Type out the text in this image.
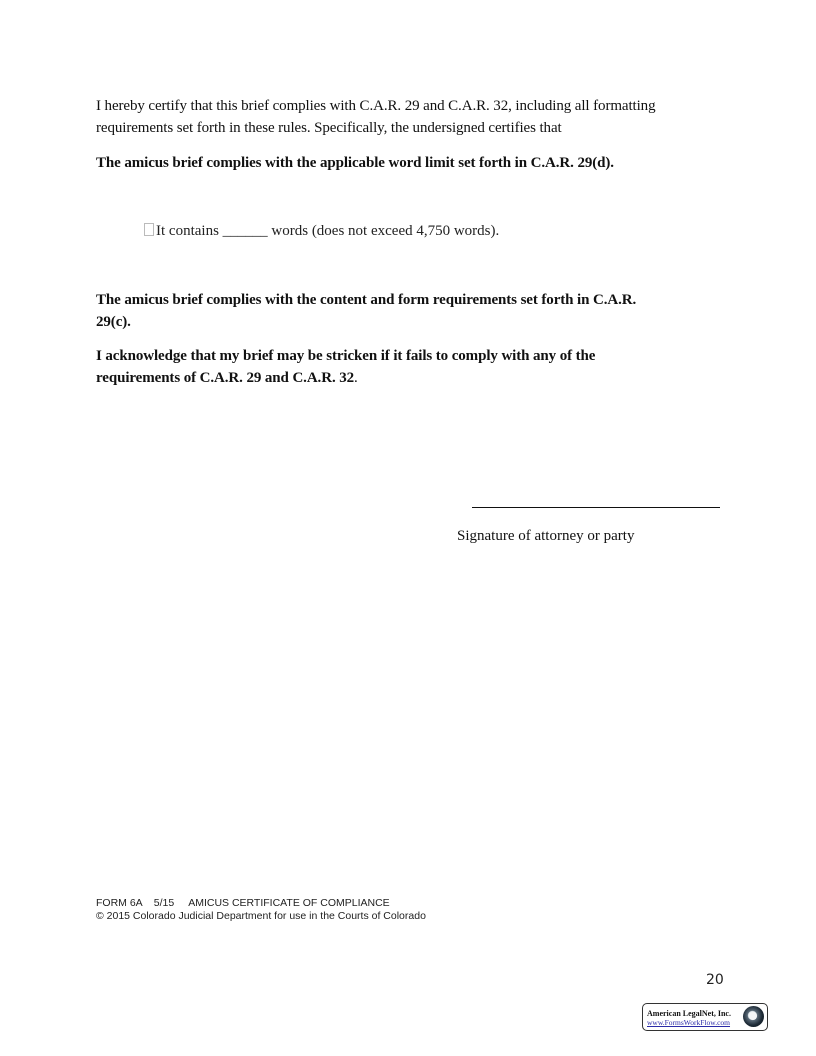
I hereby certify that this brief complies with C.A.R. 29 and C.A.R. 32, including all formatting
requirements set forth in these rules. Specifically, the undersigned certifies that
The amicus brief complies with the applicable word limit set forth in C.A.R. 29(d).
It contains ______ words (does not exceed 4,750 words).
The amicus brief complies with the content and form requirements set forth in C.A.R.
29(c).
I acknowledge that my brief may be stricken if it fails to comply with any of the
requirements of C.A.R. 29 and C.A.R. 32.
Signature of attorney or party
FORM 6A    5/15     AMICUS CERTIFICATE OF COMPLIANCE
© 2015 Colorado Judicial Department for use in the Courts of Colorado
20
American LegalNet, Inc.
www.FormsWorkFlow.com
